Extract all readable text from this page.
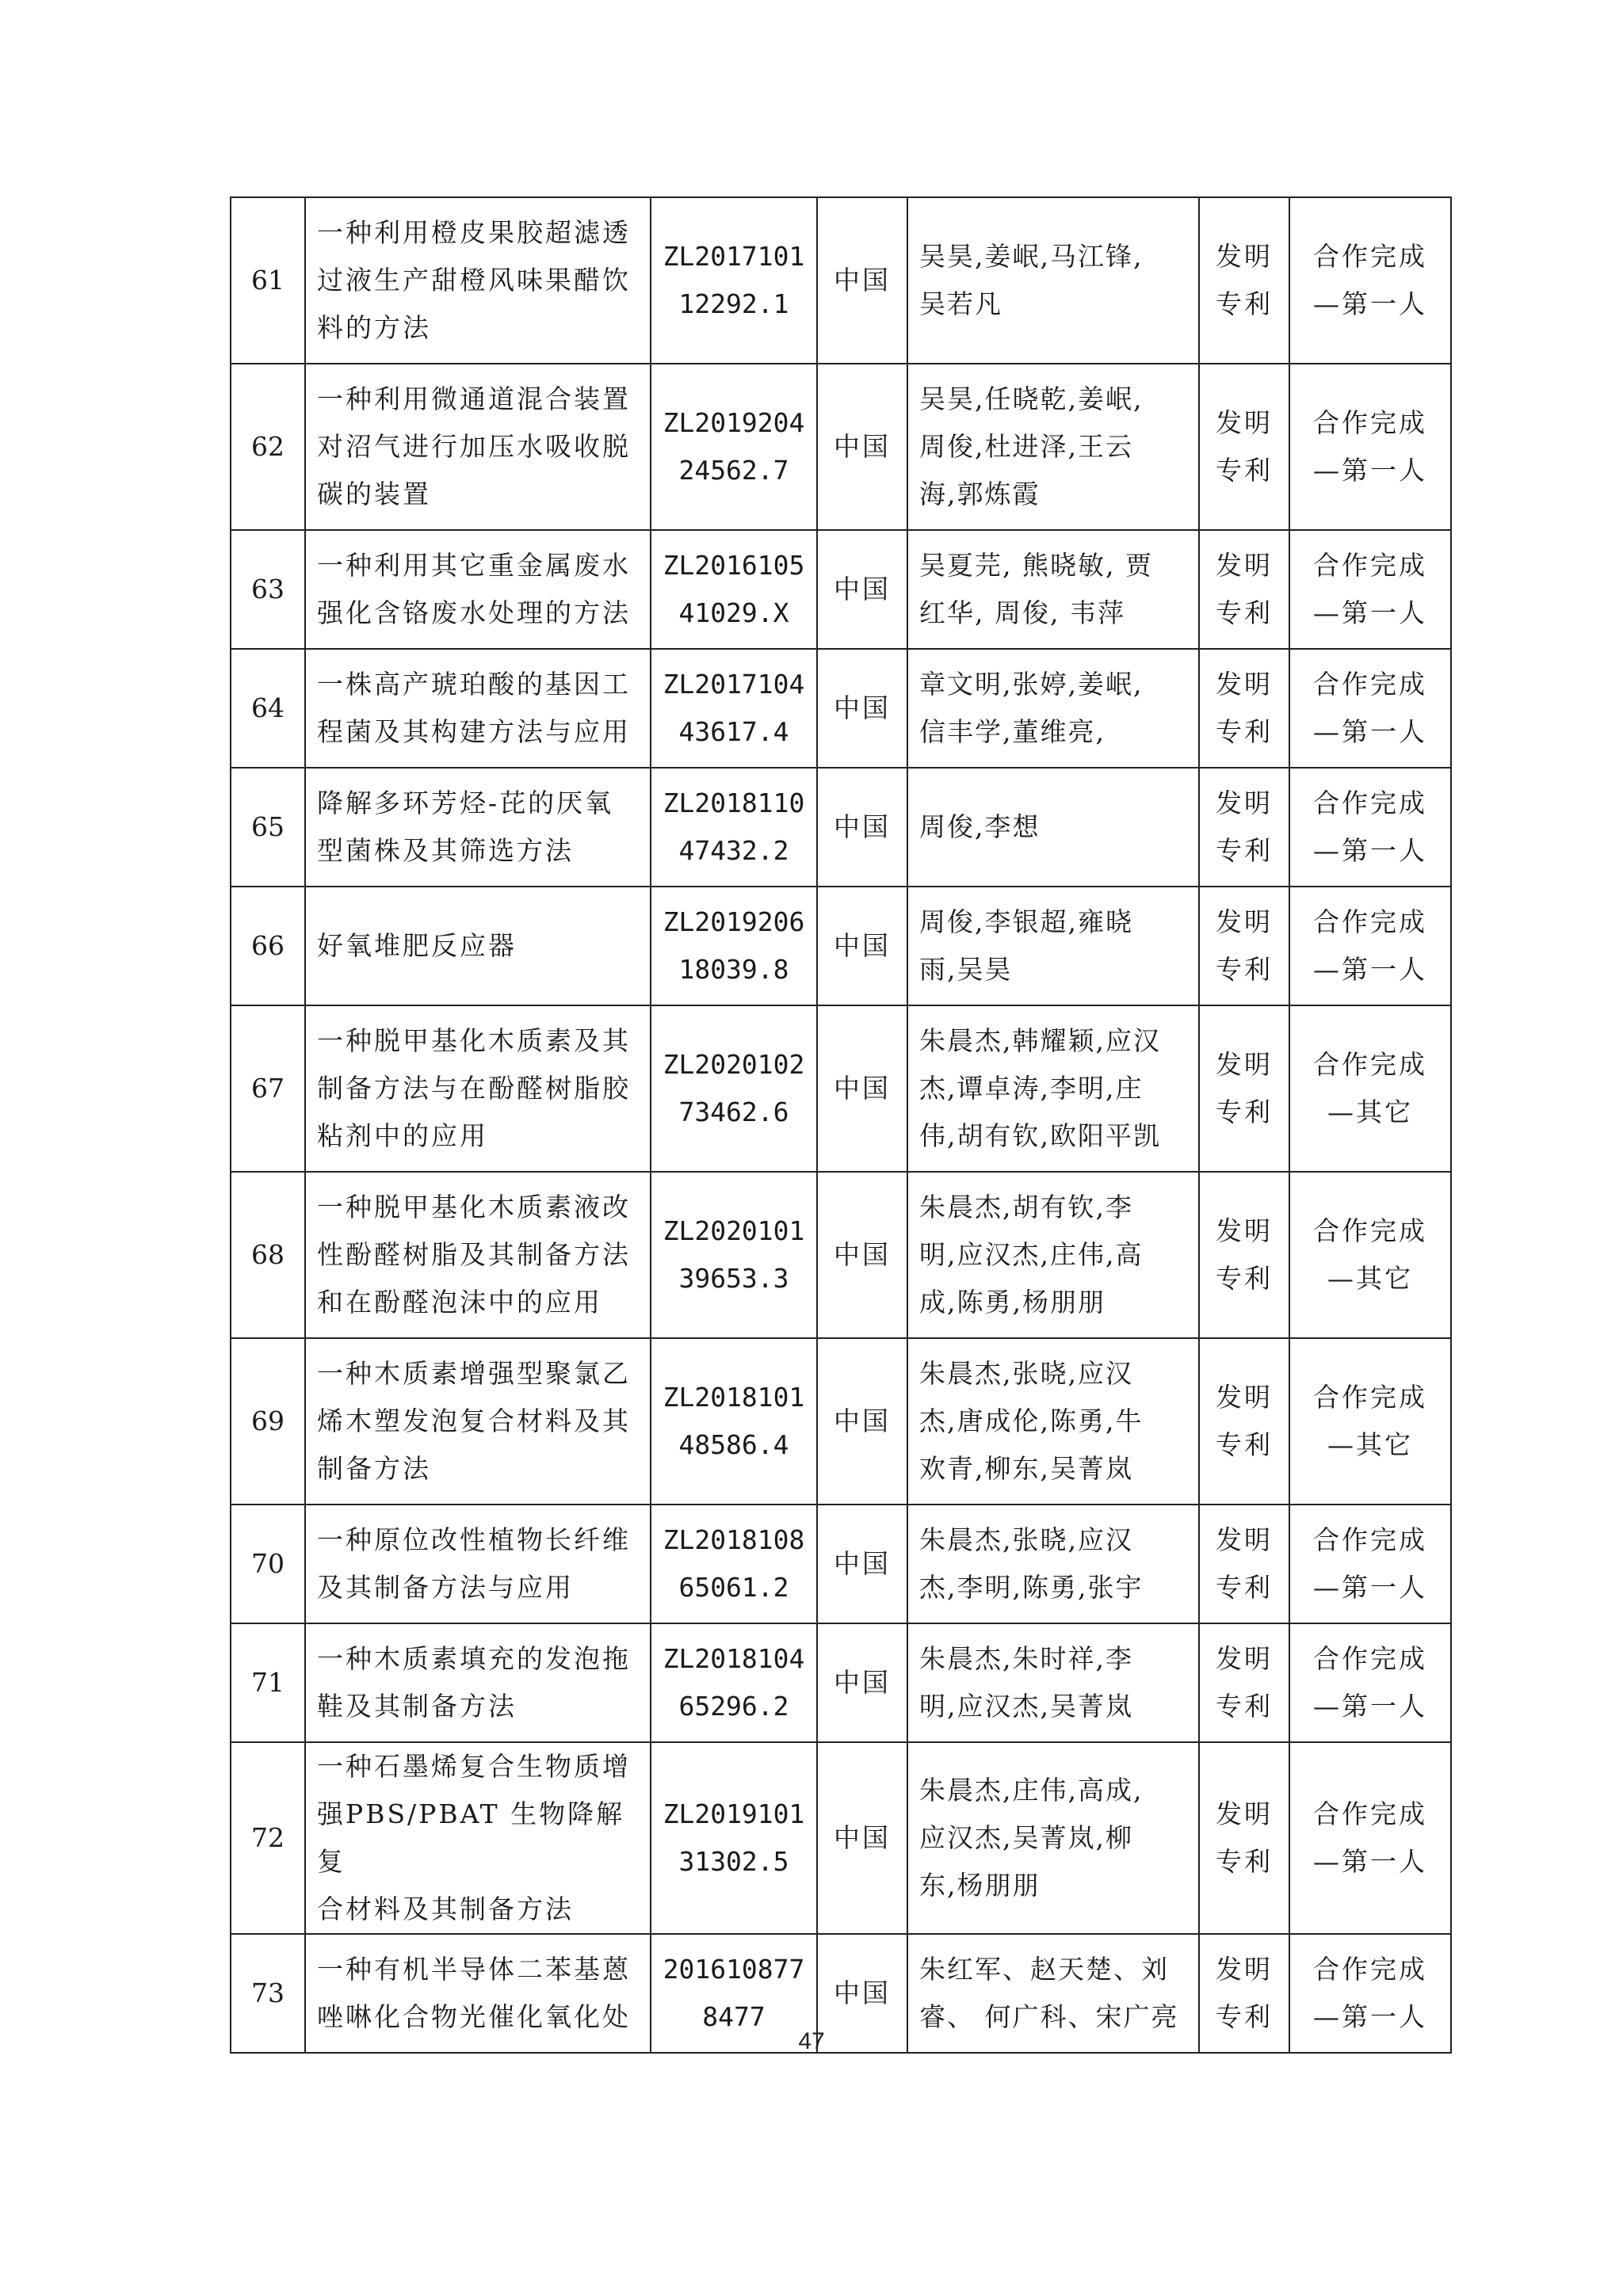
61	一种利用橙皮果胶超滤透
过液生产甜橙风味果醋饮
料的方法	ZL2017101
12292.1	中国	吴昊,姜岷,马江锋,
吴若凡	发明
专利	合作完成
—第一人
62	一种利用微通道混合装置
对沼气进行加压水吸收脱
碳的装置	ZL2019204
24562.7	中国	吴昊,任晓乾,姜岷,
周俊,杜进泽,王云
海,郭炼霞	发明
专利	合作完成
—第一人
63	一种利用其它重金属废水
强化含铬废水处理的方法	ZL2016105
41029.X	中国	吴夏芫, 熊晓敏, 贾
红华, 周俊, 韦萍	发明
专利	合作完成
—第一人
64	一株高产琥珀酸的基因工
程菌及其构建方法与应用	ZL2017104
43617.4	中国	章文明,张婷,姜岷,
信丰学,董维亮,	发明
专利	合作完成
—第一人
65	降解多环芳烃-芘的厌氧
型菌株及其筛选方法	ZL2018110
47432.2	中国	周俊,李想	发明
专利	合作完成
—第一人
66	好氧堆肥反应器	ZL2019206
18039.8	中国	周俊,李银超,雍晓
雨,吴昊	发明
专利	合作完成
—第一人
67	一种脱甲基化木质素及其
制备方法与在酚醛树脂胶
粘剂中的应用	ZL2020102
73462.6	中国	朱晨杰,韩耀颖,应汉
杰,谭卓涛,李明,庄
伟,胡有钦,欧阳平凯	发明
专利	合作完成
—其它
68	一种脱甲基化木质素液改
性酚醛树脂及其制备方法
和在酚醛泡沫中的应用	ZL2020101
39653.3	中国	朱晨杰,胡有钦,李
明,应汉杰,庄伟,高
成,陈勇,杨朋朋	发明
专利	合作完成
—其它
69	一种木质素增强型聚氯乙
烯木塑发泡复合材料及其
制备方法	ZL2018101
48586.4	中国	朱晨杰,张晓,应汉
杰,唐成伦,陈勇,牛
欢青,柳东,吴菁岚	发明
专利	合作完成
—其它
70	一种原位改性植物长纤维
及其制备方法与应用	ZL2018108
65061.2	中国	朱晨杰,张晓,应汉
杰,李明,陈勇,张宇	发明
专利	合作完成
—第一人
71	一种木质素填充的发泡拖
鞋及其制备方法	ZL2018104
65296.2	中国	朱晨杰,朱时祥,李
明,应汉杰,吴菁岚	发明
专利	合作完成
—第一人
72	一种石墨烯复合生物质增
强PBS/PBAT 生物降解复
合材料及其制备方法	ZL2019101
31302.5	中国	朱晨杰,庄伟,高成,
应汉杰,吴菁岚,柳
东,杨朋朋	发明
专利	合作完成
—第一人
73	一种有机半导体二苯基蒽
唑啉化合物光催化氧化处	201610877
8477	中国	朱红军、赵天楚、刘
睿、 何广科、宋广亮	发明
专利	合作完成
—第一人
47
